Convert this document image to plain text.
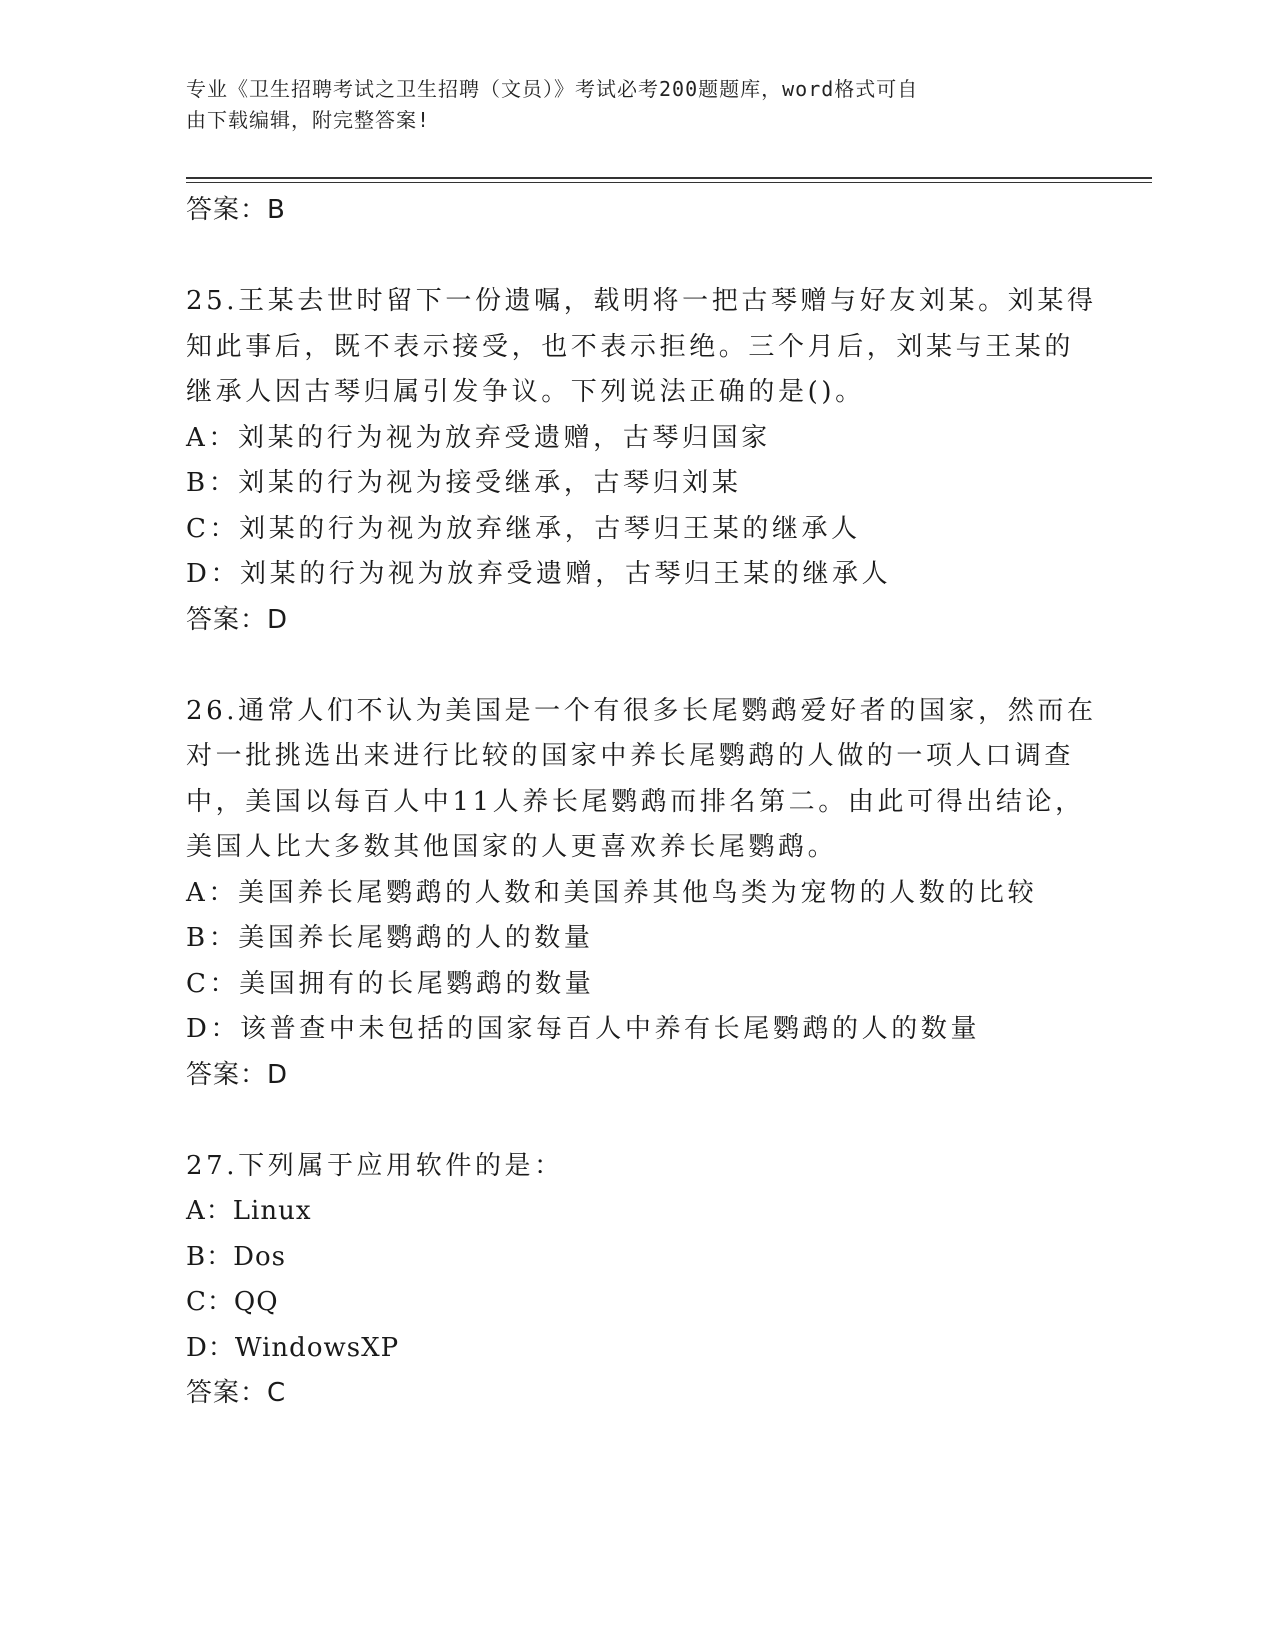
专业《卫生招聘考试之卫生招聘（文员）》考试必考200题题库，word格式可自
由下载编辑，附完整答案!
答案：B
25.王某去世时留下一份遗嘱，载明将一把古琴赠与好友刘某。刘某得
知此事后，既不表示接受，也不表示拒绝。三个月后，刘某与王某的
继承人因古琴归属引发争议。下列说法正确的是()。
A：刘某的行为视为放弃受遗赠，古琴归国家
B：刘某的行为视为接受继承，古琴归刘某
C：刘某的行为视为放弃继承，古琴归王某的继承人
D：刘某的行为视为放弃受遗赠，古琴归王某的继承人
答案：D
26.通常人们不认为美国是一个有很多长尾鹦鹉爱好者的国家，然而在
对一批挑选出来进行比较的国家中养长尾鹦鹉的人做的一项人口调查
中，美国以每百人中11人养长尾鹦鹉而排名第二。由此可得出结论，
美国人比大多数其他国家的人更喜欢养长尾鹦鹉。
A：美国养长尾鹦鹉的人数和美国养其他鸟类为宠物的人数的比较
B：美国养长尾鹦鹉的人的数量
C：美国拥有的长尾鹦鹉的数量
D：该普查中未包括的国家每百人中养有长尾鹦鹉的人的数量
答案：D
27.下列属于应用软件的是：
A：Linux
B：Dos
C：QQ
D：WindowsXP
答案：C
